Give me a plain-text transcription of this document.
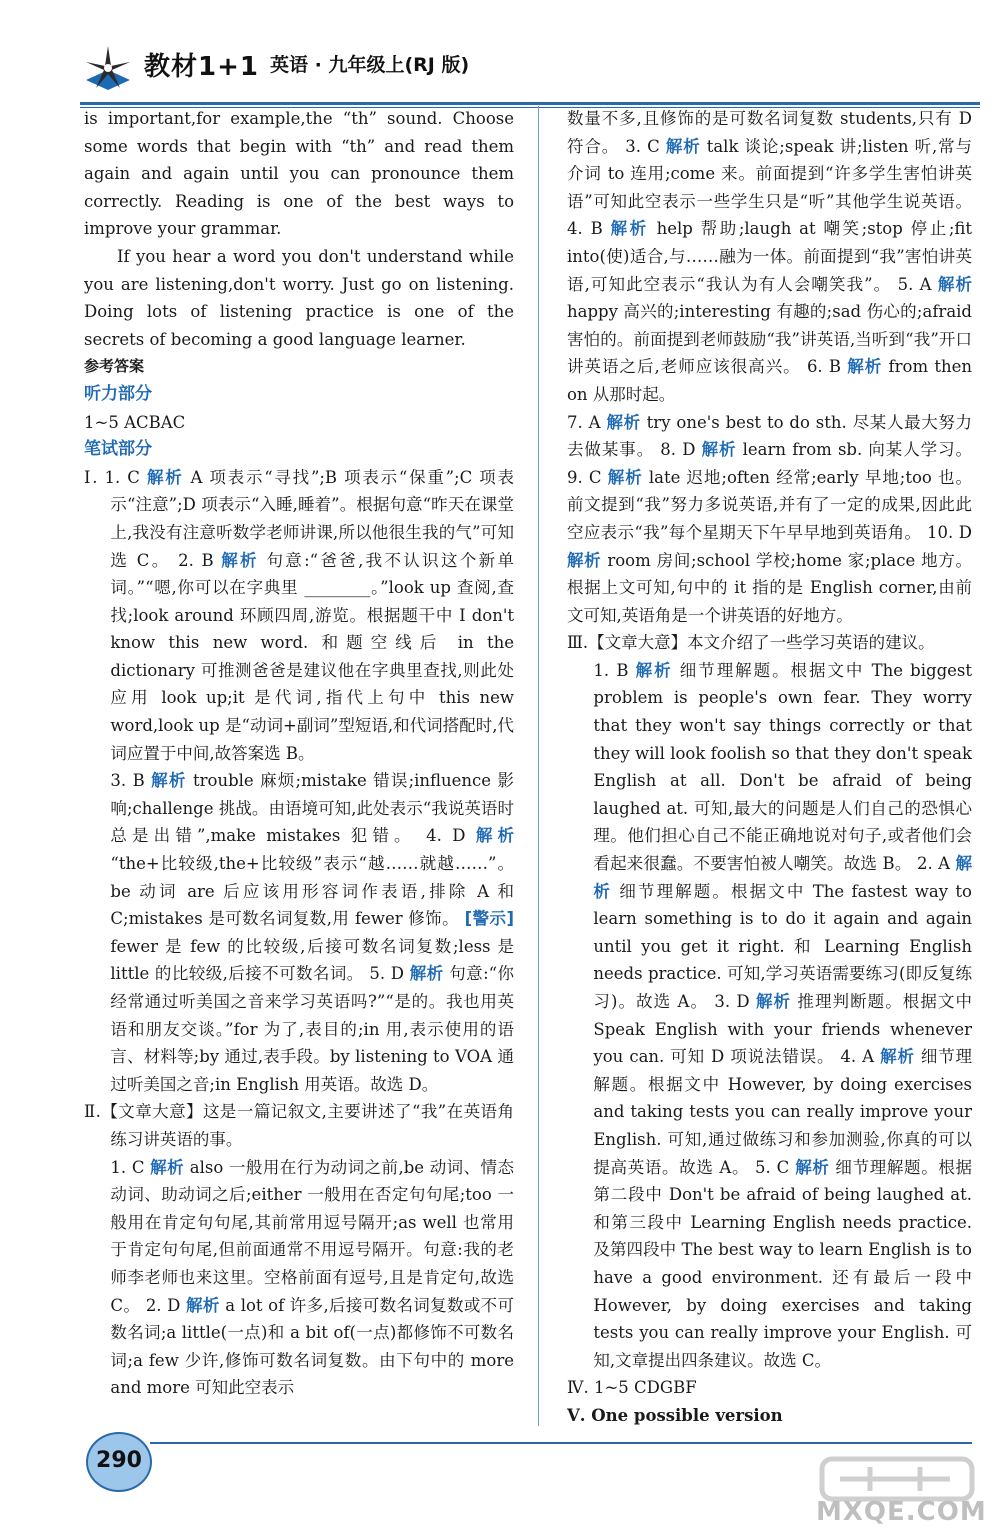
教材1+1 英语 · 九年级上(RJ 版)

is important,for example,the “th” sound. Choose some words that begin with “th” and read them again and again until you can pronounce them correctly. Reading is one of the best ways to improve your grammar.

If you hear a word you don't understand while you are listening,don't worry. Just go on listening. Doing lots of listening practice is one of the secrets of becoming a good language learner.

参考答案

听力部分

1~5 ACBAC

笔试部分

Ⅰ. 1. C 解析 A 项表示“寻找”;B 项表示“保重”;C 项表示“注意”;D 项表示“入睡,睡着”。根据句意“昨天在课堂上,我没有注意听数学老师讲课,所以他很生我的气”可知选 C。 2. B 解析 句意:“爸爸,我不认识这个新单词。”“嗯,你可以在字典里 ________。”look up 查阅,查找;look around 环顾四周,游览。根据题干中 I don't know this new word. 和题空线后 in the dictionary 可推测爸爸是建议他在字典里查找,则此处应用 look up;it 是代词,指代上句中 this new word,look up 是“动词+副词”型短语,和代词搭配时,代词应置于中间,故答案选 B。

3. B 解析 trouble 麻烦;mistake 错误;influence 影响;challenge 挑战。由语境可知,此处表示“我说英语时总是出错”,make mistakes 犯错。 4. D 解析 “the+比较级,the+比较级”表示“越……就越……”。be 动词 are 后应该用形容词作表语,排除 A 和 C;mistakes 是可数名词复数,用 fewer 修饰。 [警示] fewer 是 few 的比较级,后接可数名词复数;less 是 little 的比较级,后接不可数名词。 5. D 解析 句意:“你经常通过听美国之音来学习英语吗?”“是的。我也用英语和朋友交谈。”for 为了,表目的;in 用,表示使用的语言、材料等;by 通过,表手段。by listening to VOA 通过听美国之音;in English 用英语。故选 D。

Ⅱ.【文章大意】这是一篇记叙文,主要讲述了“我”在英语角练习讲英语的事。

1. C 解析 also 一般用在行为动词之前,be 动词、情态动词、助动词之后;either 一般用在否定句句尾;too 一般用在肯定句句尾,其前常用逗号隔开;as well 也常用于肯定句句尾,但前面通常不用逗号隔开。句意:我的老师李老师也来这里。空格前面有逗号,且是肯定句,故选 C。 2. D 解析 a lot of 许多,后接可数名词复数或不可数名词;a little(一点)和 a bit of(一点)都修饰不可数名词;a few 少许,修饰可数名词复数。由下句中的 more and more 可知此空表示

数量不多,且修饰的是可数名词复数 students,只有 D 符合。 3. C 解析 talk 谈论;speak 讲;listen 听,常与介词 to 连用;come 来。前面提到“许多学生害怕讲英语”可知此空表示一些学生只是“听”其他学生说英语。 4. B 解析 help 帮助;laugh at 嘲笑;stop 停止;fit into(使)适合,与……融为一体。前面提到“我”害怕讲英语,可知此空表示“我认为有人会嘲笑我”。 5. A 解析 happy 高兴的;interesting 有趣的;sad 伤心的;afraid 害怕的。前面提到老师鼓励“我”讲英语,当听到“我”开口讲英语之后,老师应该很高兴。 6. B 解析 from then on 从那时起。

7. A 解析 try one's best to do sth. 尽某人最大努力去做某事。 8. D 解析 learn from sb. 向某人学习。 9. C 解析 late 迟地;often 经常;early 早地;too 也。前文提到“我”努力多说英语,并有了一定的成果,因此此空应表示“我”每个星期天下午早早地到英语角。 10. D 解析 room 房间;school 学校;home 家;place 地方。根据上文可知,句中的 it 指的是 English corner,由前文可知,英语角是一个讲英语的好地方。

Ⅲ.【文章大意】本文介绍了一些学习英语的建议。

1. B 解析 细节理解题。根据文中 The biggest problem is people's own fear. They worry that they won't say things correctly or that they will look foolish so that they don't speak English at all. Don't be afraid of being laughed at. 可知,最大的问题是人们自己的恐惧心理。他们担心自己不能正确地说对句子,或者他们会看起来很蠢。不要害怕被人嘲笑。故选 B。 2. A 解析 细节理解题。根据文中 The fastest way to learn something is to do it again and again until you get it right. 和 Learning English needs practice. 可知,学习英语需要练习(即反复练习)。故选 A。 3. D 解析 推理判断题。根据文中 Speak English with your friends whenever you can. 可知 D 项说法错误。 4. A 解析 细节理解题。根据文中 However, by doing exercises and taking tests you can really improve your English. 可知,通过做练习和参加测验,你真的可以提高英语。故选 A。 5. C 解析 细节理解题。根据第二段中 Don't be afraid of being laughed at. 和第三段中 Learning English needs practice. 及第四段中 The best way to learn English is to have a good environment. 还有最后一段中 However, by doing exercises and taking tests you can really improve your English. 可知,文章提出四条建议。故选 C。

Ⅳ. 1~5 CDGBF

Ⅴ. One possible version

290
MXQE.COM
